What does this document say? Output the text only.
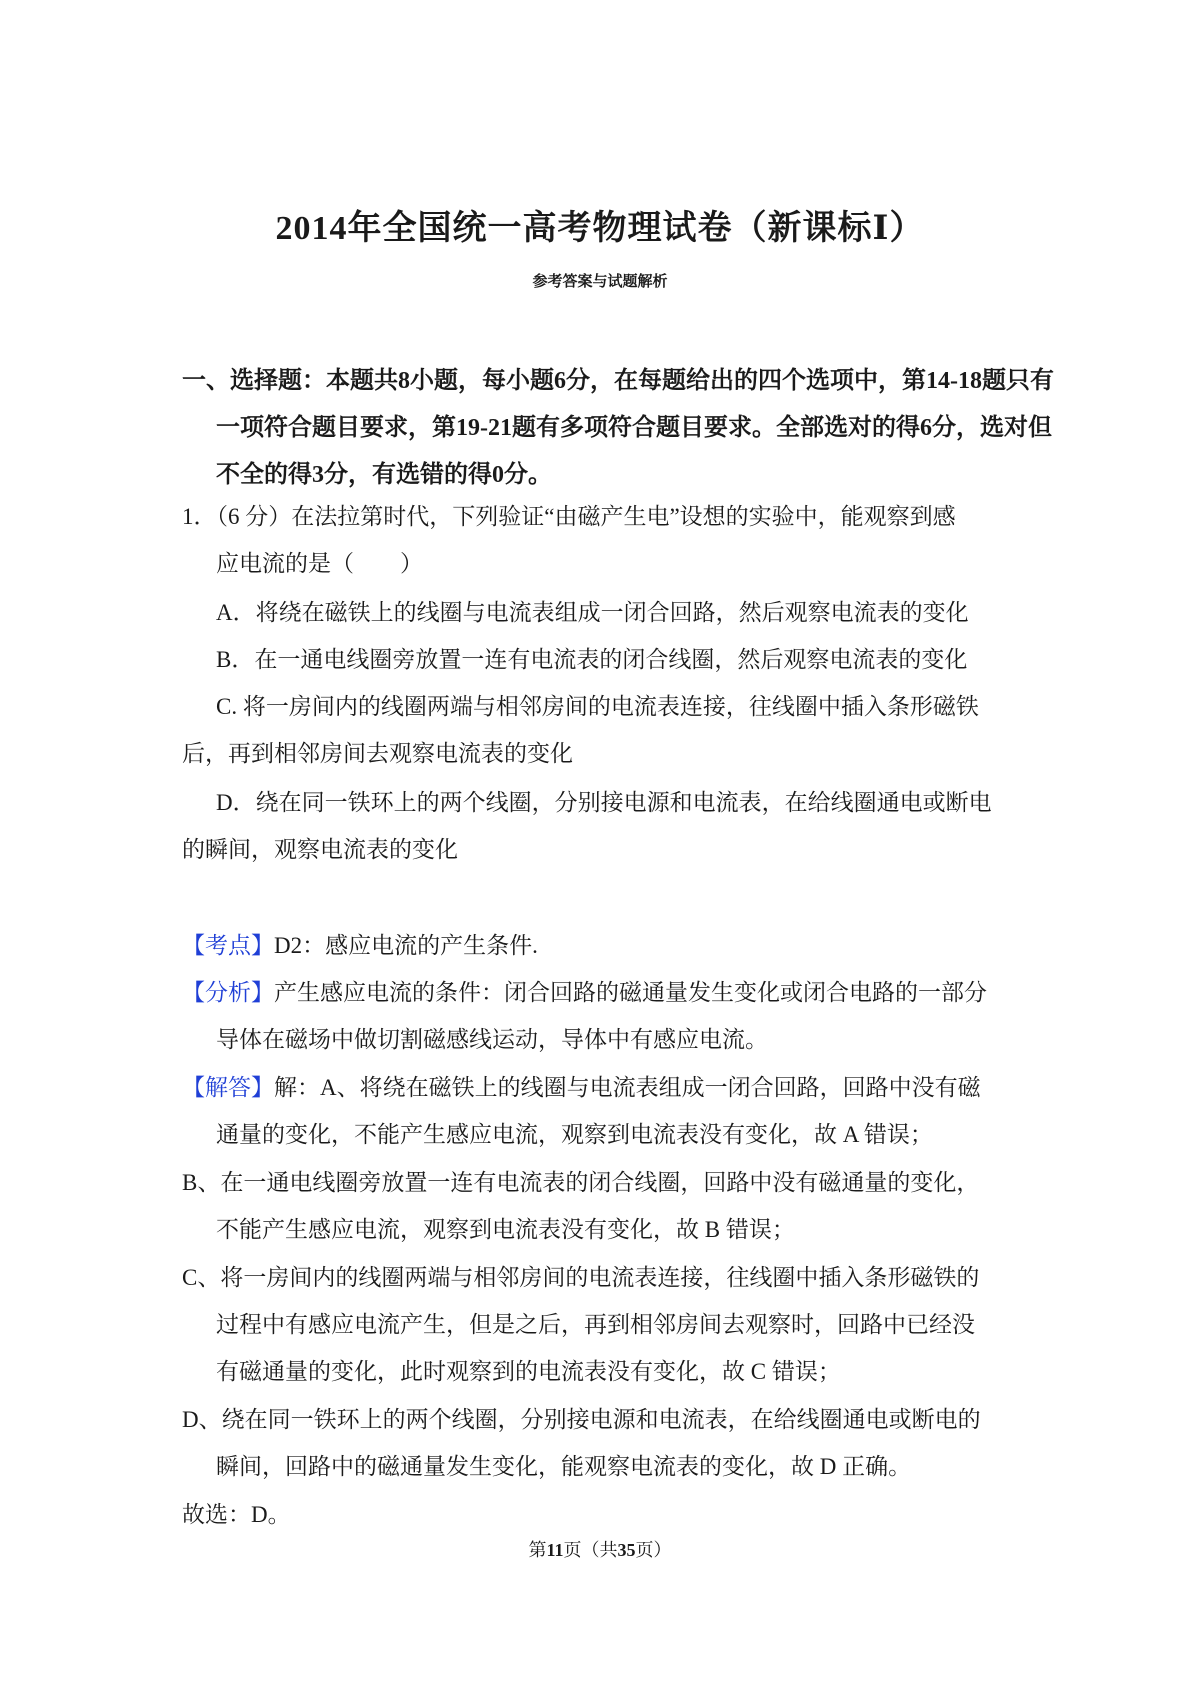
2014年全国统一高考物理试卷（新课标Ⅰ）

参考答案与试题解析

一、选择题：本题共8小题，每小题6分，在每题给出的四个选项中，第14-18题只有一项符合题目要求，第19-21题有多项符合题目要求。全部选对的得6分，选对但不全的得3分，有选错的得0分。

1．（6 分）在法拉第时代，下列验证“由磁产生电”设想的实验中，能观察到感

应电流的是（　　）

A．将绕在磁铁上的线圈与电流表组成一闭合回路，然后观察电流表的变化

B．在一通电线圈旁放置一连有电流表的闭合线圈，然后观察电流表的变化

C. 将一房间内的线圈两端与相邻房间的电流表连接，往线圈中插入条形磁铁

后，再到相邻房间去观察电流表的变化

D．绕在同一铁环上的两个线圈，分别接电源和电流表，在给线圈通电或断电

的瞬间，观察电流表的变化

【考点】D2：感应电流的产生条件.

【分析】产生感应电流的条件：闭合回路的磁通量发生变化或闭合电路的一部分

导体在磁场中做切割磁感线运动，导体中有感应电流。

【解答】解：A、将绕在磁铁上的线圈与电流表组成一闭合回路，回路中没有磁

通量的变化，不能产生感应电流，观察到电流表没有变化，故 A 错误；

B、在一通电线圈旁放置一连有电流表的闭合线圈，回路中没有磁通量的变化，

不能产生感应电流，观察到电流表没有变化，故 B 错误；

C、将一房间内的线圈两端与相邻房间的电流表连接，往线圈中插入条形磁铁的

过程中有感应电流产生，但是之后，再到相邻房间去观察时，回路中已经没

有磁通量的变化，此时观察到的电流表没有变化，故 C 错误；

D、绕在同一铁环上的两个线圈，分别接电源和电流表，在给线圈通电或断电的

瞬间，回路中的磁通量发生变化，能观察电流表的变化，故 D 正确。

故选：D。

第11页（共35页）
